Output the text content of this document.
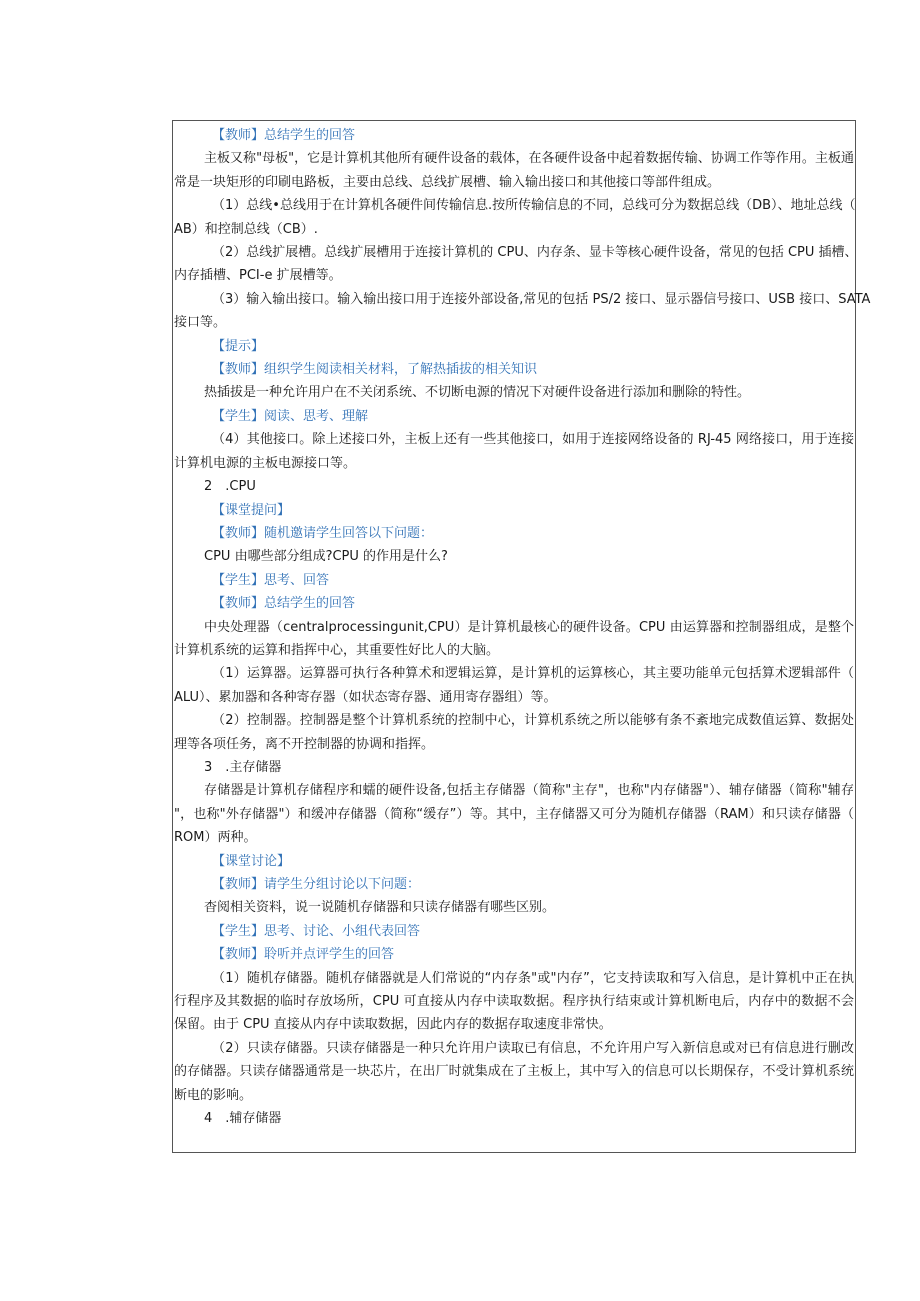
【教师】总结学生的回答
主板又称"母板"，它是计算机其他所有硬件设备的载体，在各硬件设备中起着数据传输、协调工作等作用。主板通
常是一块矩形的印刷电路板，主要由总线、总线扩展槽、输入输出接口和其他接口等部件组成。
（1）总线•总线用于在计算机各硬件间传输信息.按所传输信息的不同，总线可分为数据总线（DB）、地址总线（
AB）和控制总线（CB）.
（2）总线扩展槽。总线扩展槽用于连接计算机的 CPU、内存条、显卡等核心硬件设备，常见的包括 CPU 插槽、
内存插槽、PCI-e 扩展槽等。
（3）输入输出接口。输入输出接口用于连接外部设备,常见的包括 PS/2 接口、显示器信号接口、USB 接口、SATA
接口等。
【提示】
【教师】组织学生阅读相关材料，了解热插拔的相关知识
热插拔是一种允许用户在不关闭系统、不切断电源的情况下对硬件设备进行添加和删除的特性。
【学生】阅读、思考、理解
（4）其他接口。除上述接口外，主板上还有一些其他接口，如用于连接网络设备的 RJ-45 网络接口，用于连接
计算机电源的主板电源接口等。
2　.CPU
【课堂提问】
【教师】随机邀请学生回答以下问题：
CPU 由哪些部分组成?CPU 的作用是什么?
【学生】思考、回答
【教师】总结学生的回答
中央处理器（centralprocessingunit,CPU）是计算机最核心的硬件设备。CPU 由运算器和控制器组成，是整个
计算机系统的运算和指挥中心，其重要性好比人的大脑。
（1）运算器。运算器可执行各种算术和逻辑运算，是计算机的运算核心，其主要功能单元包括算术逻辑部件（
ALU）、累加器和各种寄存器（如状态寄存器、通用寄存器组）等。
（2）控制器。控制器是整个计算机系统的控制中心，计算机系统之所以能够有条不紊地完成数值运算、数据处
理等各项任务，离不开控制器的协调和指挥。
3　.主存储器
存储器是计算机存储程序和蠕的硬件设备,包括主存储器（简称"主存"，也称"内存储器"）、辅存储器（简称"辅存
"，也称"外存储器"）和缓冲存储器（简称“缓存”）等。其中，主存储器又可分为随机存储器（RAM）和只读存储器（
ROM）两种。
【课堂讨论】
【教师】请学生分组讨论以下问题：
杳阅相关资料，说一说随机存储器和只读存储器有哪些区别。
【学生】思考、讨论、小组代表回答
【教师】聆听并点评学生的回答
（1）随机存储器。随机存储器就是人们常说的“内存条"或"内存”，它支持读取和写入信息，是计算机中正在执
行程序及其数据的临时存放场所，CPU 可直接从内存中读取数据。程序执行结束或计算机断电后，内存中的数据不会
保留。由于 CPU 直接从内存中读取数据，因此内存的数据存取速度非常快。
（2）只读存储器。只读存储器是一种只允许用户读取已有信息，不允许用户写入新信息或对已有信息进行删改
的存储器。只读存储器通常是一块芯片，在出厂时就集成在了主板上，其中写入的信息可以长期保存，不受计算机系统
断电的影响。
4　.辅存储器
